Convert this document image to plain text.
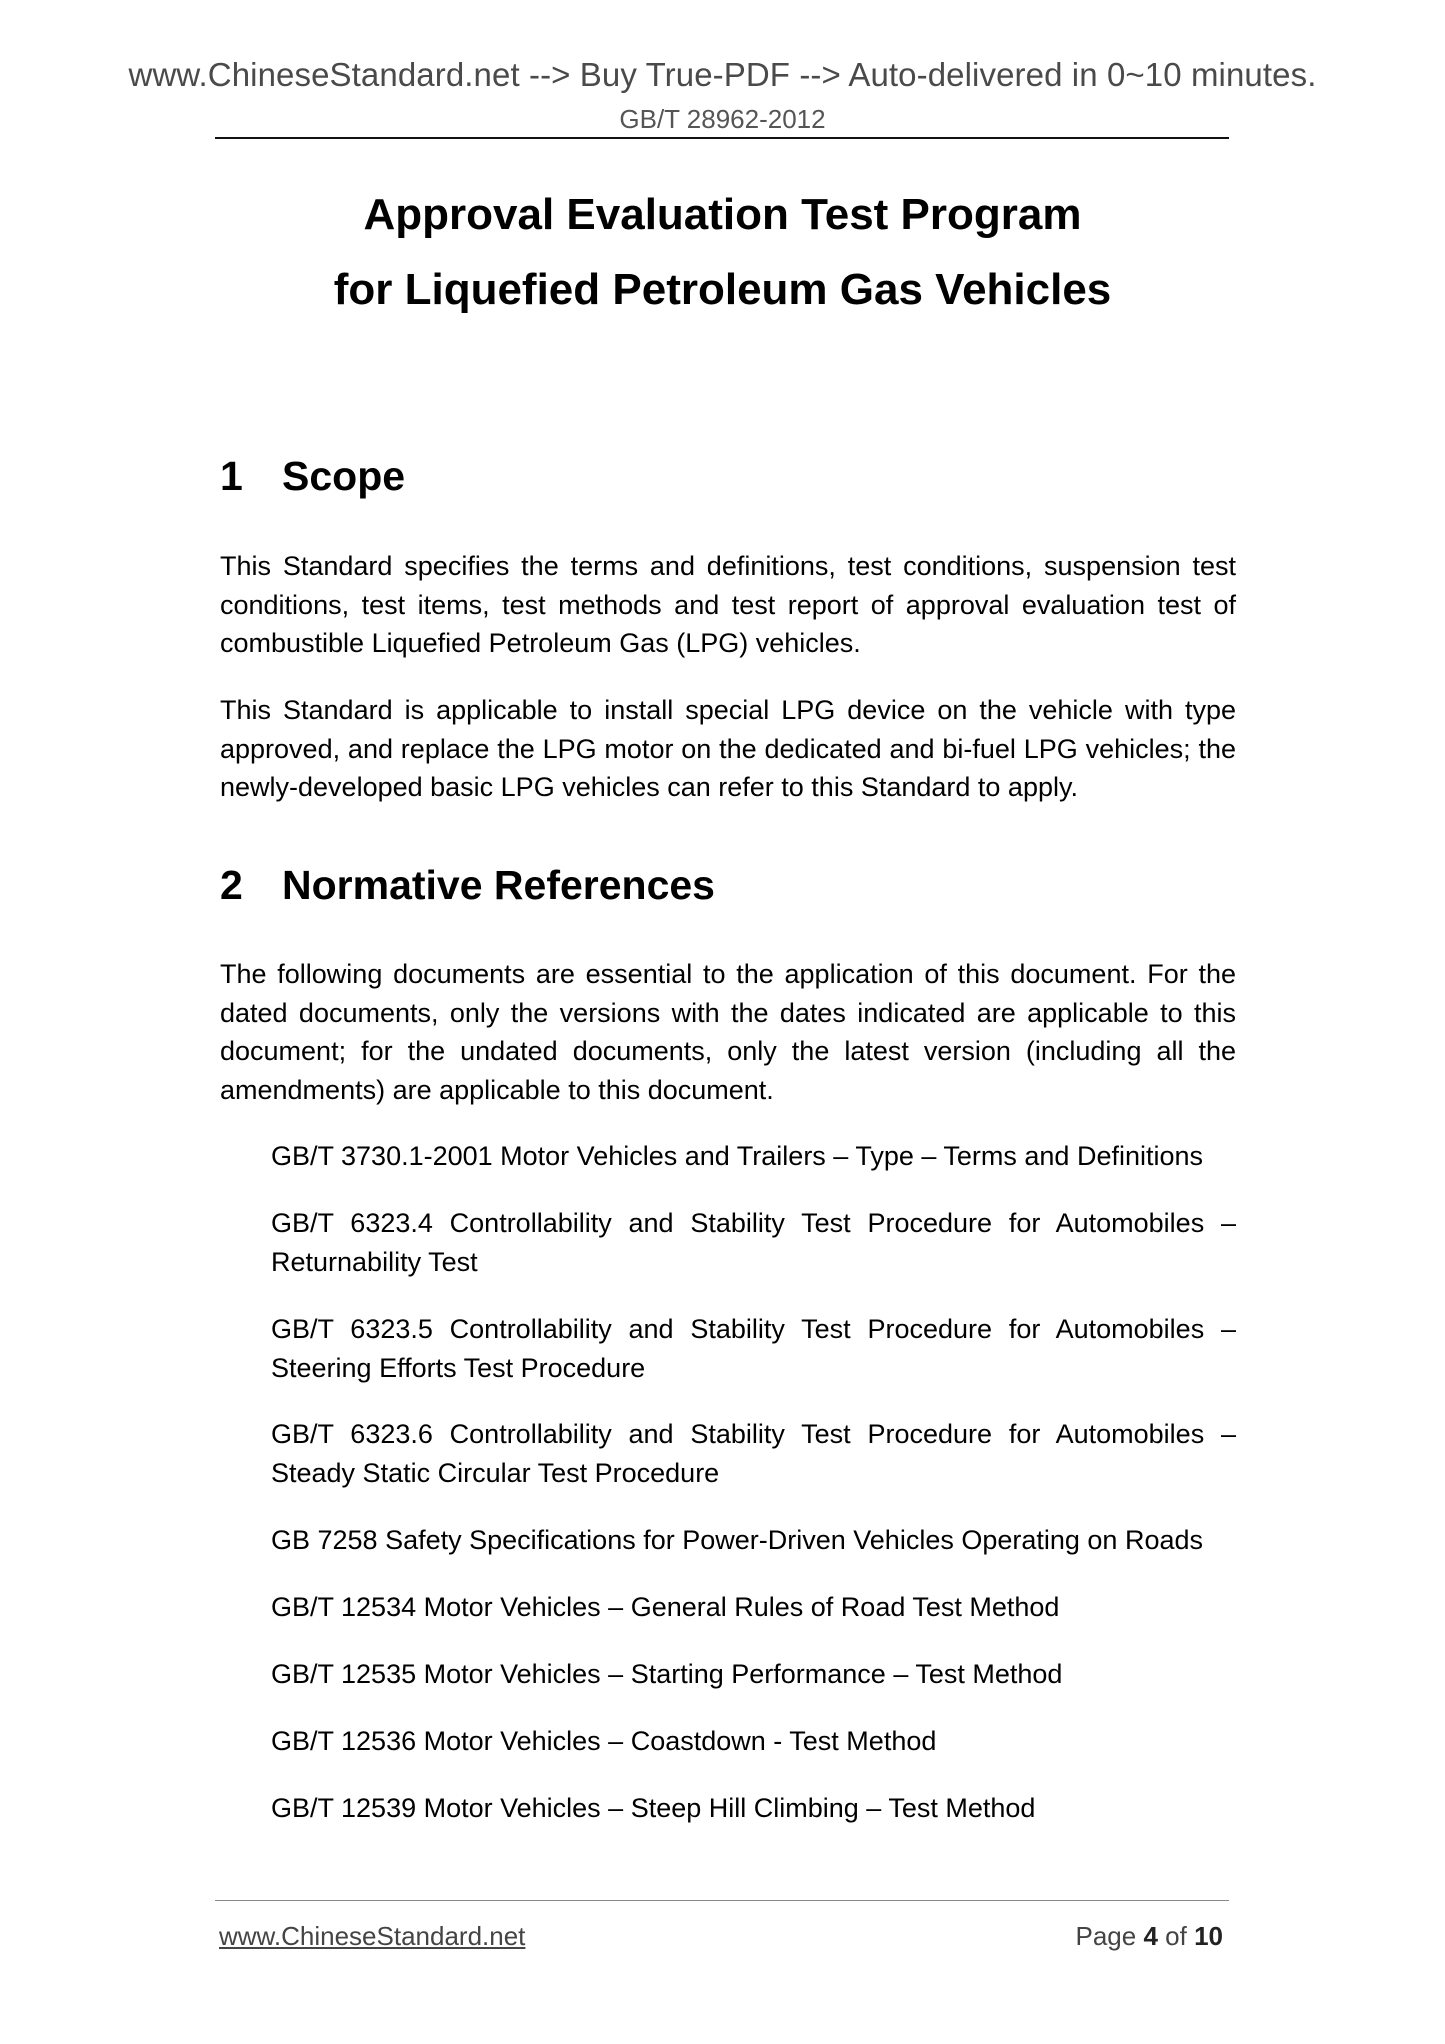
www.ChineseStandard.net --> Buy True-PDF --> Auto-delivered in 0~10 minutes.
GB/T 28962-2012
Approval Evaluation Test Program
for Liquefied Petroleum Gas Vehicles
1 Scope
This Standard specifies the terms and definitions, test conditions, suspension test conditions, test items, test methods and test report of approval evaluation test of combustible Liquefied Petroleum Gas (LPG) vehicles.
This Standard is applicable to install special LPG device on the vehicle with type approved, and replace the LPG motor on the dedicated and bi-fuel LPG vehicles; the newly-developed basic LPG vehicles can refer to this Standard to apply.
2 Normative References
The following documents are essential to the application of this document. For the dated documents, only the versions with the dates indicated are applicable to this document; for the undated documents, only the latest version (including all the amendments) are applicable to this document.
GB/T 3730.1-2001 Motor Vehicles and Trailers – Type – Terms and Definitions
GB/T 6323.4 Controllability and Stability Test Procedure for Automobiles – Returnability Test
GB/T 6323.5 Controllability and Stability Test Procedure for Automobiles – Steering Efforts Test Procedure
GB/T 6323.6 Controllability and Stability Test Procedure for Automobiles – Steady Static Circular Test Procedure
GB 7258 Safety Specifications for Power-Driven Vehicles Operating on Roads
GB/T 12534 Motor Vehicles – General Rules of Road Test Method
GB/T 12535 Motor Vehicles – Starting Performance – Test Method
GB/T 12536 Motor Vehicles – Coastdown - Test Method
GB/T 12539 Motor Vehicles – Steep Hill Climbing – Test Method
www.ChineseStandard.net	Page 4 of 10
